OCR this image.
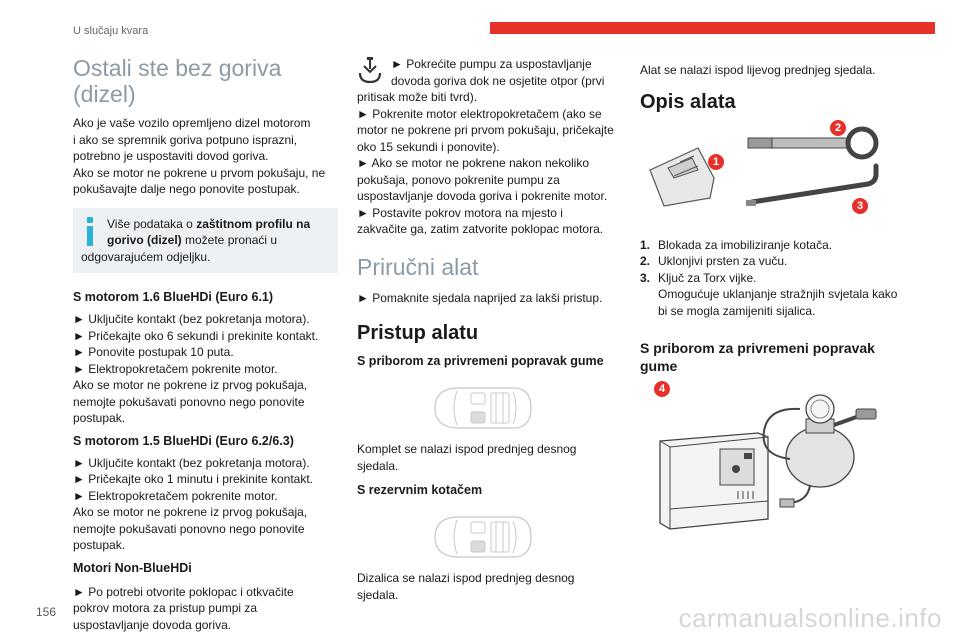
U slučaju kvara
Ostali ste bez goriva
(dizel)

Ako je vaše vozilo opremljeno dizel motorom
i ako se spremnik goriva potpuno isprazni,
potrebno je uspostaviti dovod goriva.
Ako se motor ne pokrene u prvom pokušaju, ne
pokušavajte dalje nego ponovite postupak.

Više podataka o zaštitnom profilu na
gorivo (dizel) možete pronaći u
odgovarajućem odjeljku.

S motorom 1.6 BlueHDi (Euro 6.1)

► Uključite kontakt (bez pokretanja motora).
► Pričekajte oko 6 sekundi i prekinite kontakt.
► Ponovite postupak 10 puta.
► Elektropokretačem pokrenite motor.
Ako se motor ne pokrene iz prvog pokušaja,
nemojte pokušavati ponovno nego ponovite
postupak.

S motorom 1.5 BlueHDi (Euro 6.2/6.3)

► Uključite kontakt (bez pokretanja motora).
► Pričekajte oko 1 minutu i prekinite kontakt.
► Elektropokretačem pokrenite motor.
Ako se motor ne pokrene iz prvog pokušaja,
nemojte pokušavati ponovno nego ponovite
postupak.

Motori Non-BlueHDi

► Po potrebi otvorite poklopac i otkvačite
pokrov motora za pristup pumpi za
uspostavljanje dovoda goriva.

► Pokrećite pumpu za uspostavljanje
dovoda goriva dok ne osjetite otpor (prvi

pritisak može biti tvrd).
► Pokrenite motor elektropokretačem (ako se
motor ne pokrene pri prvom pokušaju, pričekajte
oko 15 sekundi i ponovite).
► Ako se motor ne pokrene nakon nekoliko
pokušaja, ponovo pokrenite pumpu za
uspostavljanje dovoda goriva i pokrenite motor.
► Postavite pokrov motora na mjesto i
zakvačite ga, zatim zatvorite poklopac motora.

Priručni alat

► Pomaknite sjedala naprijed za lakši pristup.

Pristup alatu
S priborom za privremeni popravak gume

Komplet se nalazi ispod prednjeg desnog
sjedala.

S rezervnim kotačem

Dizalica se nalazi ispod prednjeg desnog
sjedala.

Alat se nalazi ispod lijevog prednjeg sjedala.

Opis alata
1
2
3

1. Blokada za imobiliziranje kotača.

2. Uklonjivi prsten za vuču.

3. Ključ za Torx vijke.

Omogućuje uklanjanje stražnjih svjetala kako
bi se mogla zamijeniti sijalica.

S priborom za privremeni popravak
gume
4
156	carmanualsonline.info
